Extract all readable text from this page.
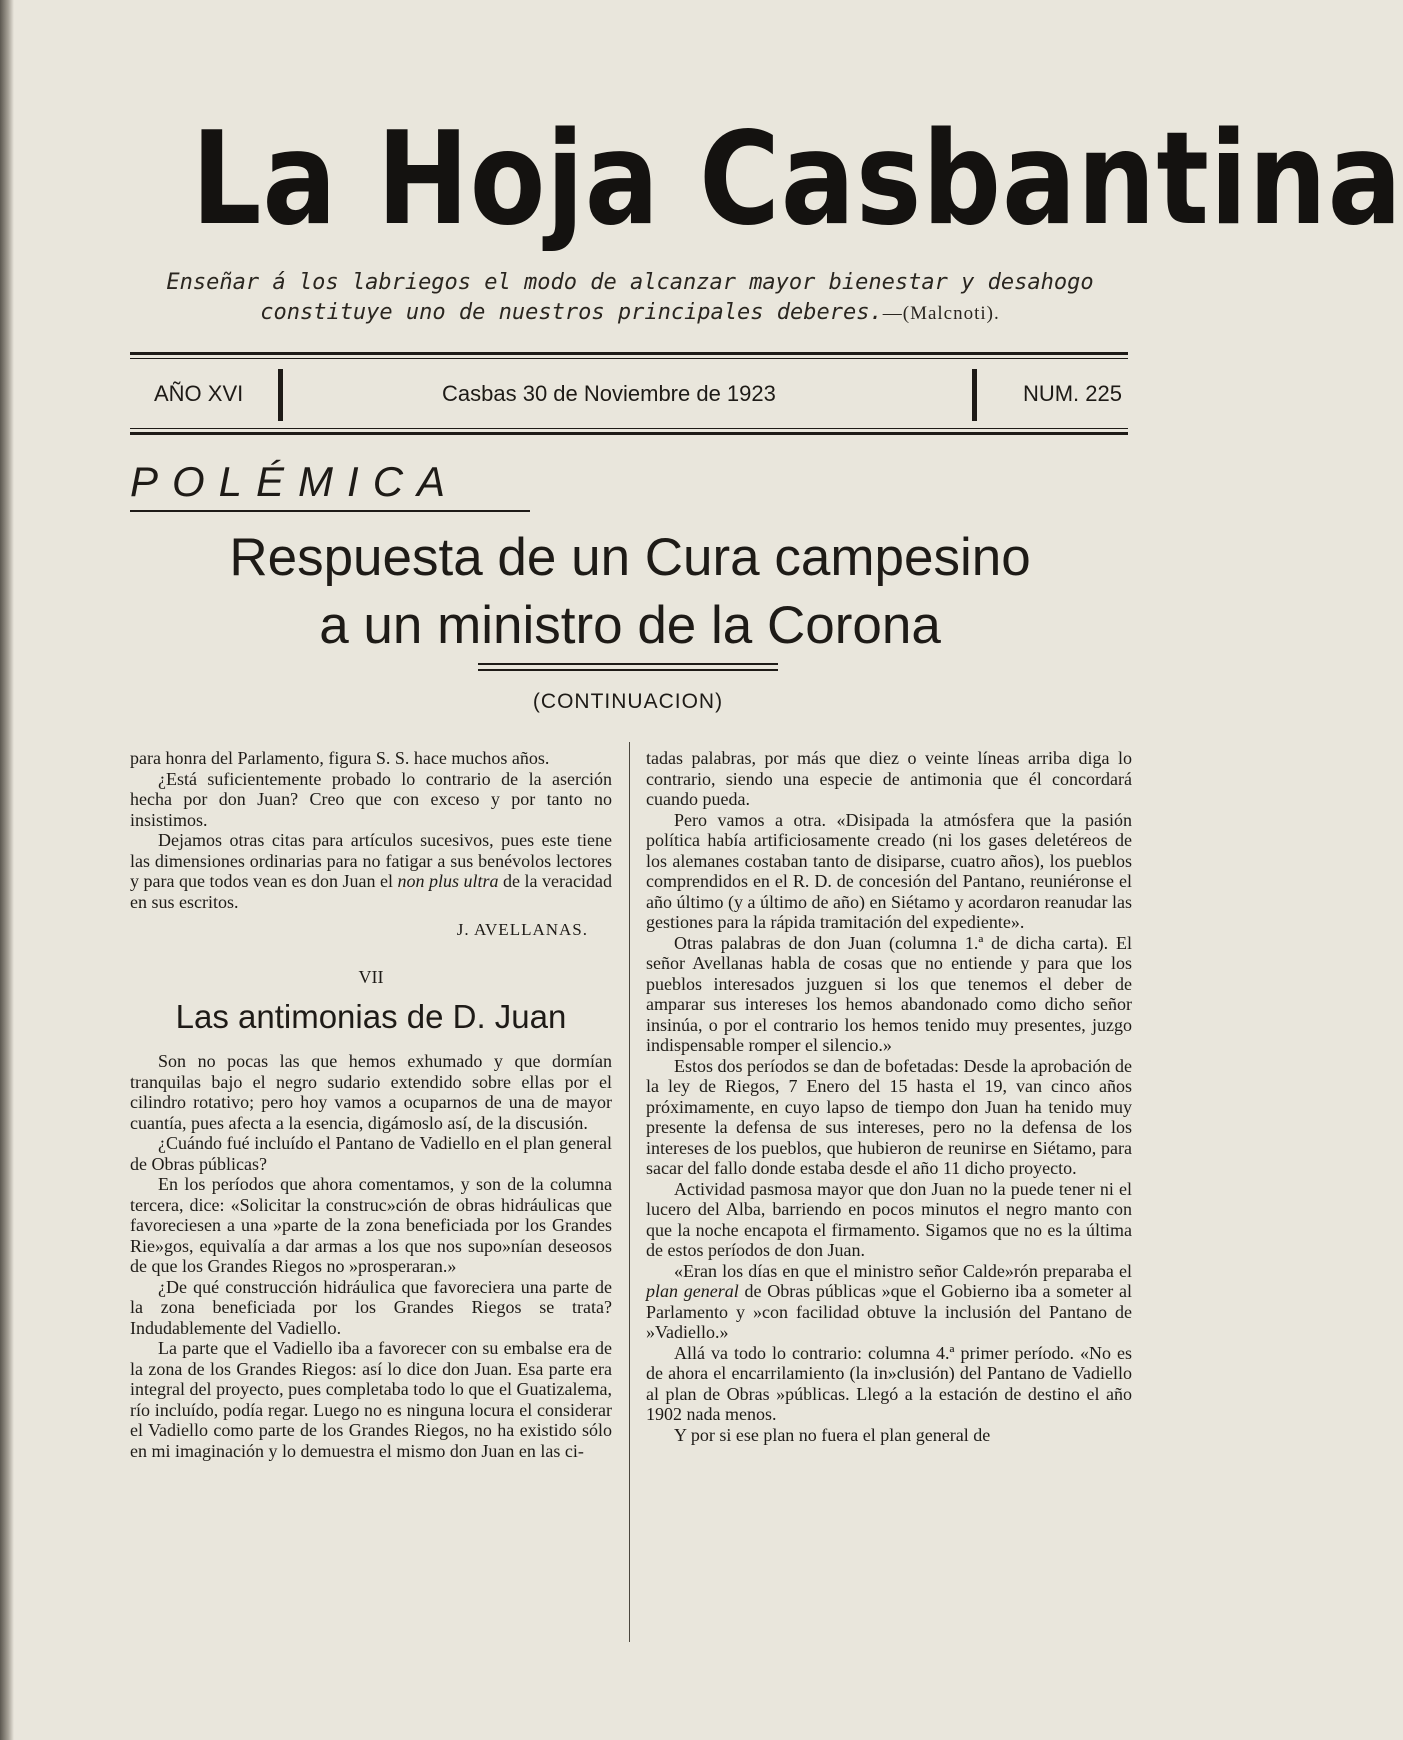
La Hoja Casbantina
Enseñar á los labriegos el modo de alcanzar mayor bienestar y desahogo constituye uno de nuestros principales deberes.—(Malcnoti).
AÑO XVI	Casbas 30 de Noviembre de 1923	NUM. 225
POLÉMICA
Respuesta de un Cura campesino
a un ministro de la Corona
(CONTINUACION)

para honra del Parlamento, figura S. S. hace muchos años.

¿Está suficientemente probado lo contrario de la aserción hecha por don Juan? Creo que con exceso y por tanto no insistimos.

Dejamos otras citas para artículos sucesivos, pues este tiene las dimensiones ordinarias para no fatigar a sus benévolos lectores y para que todos vean es don Juan el non plus ultra de la veracidad en sus escritos.

J. AVELLANAS.
VII
Las antimonias de D. Juan

Son no pocas las que hemos exhumado y que dormían tranquilas bajo el negro sudario extendido sobre ellas por el cilindro rotativo; pero hoy vamos a ocuparnos de una de mayor cuantía, pues afecta a la esencia, digámoslo así, de la discusión.

¿Cuándo fué incluído el Pantano de Vadiello en el plan general de Obras públicas?

En los períodos que ahora comentamos, y son de la columna tercera, dice: «Solicitar la construc»ción de obras hidráulicas que favoreciesen a una »parte de la zona beneficiada por los Grandes Rie»gos, equivalía a dar armas a los que nos supo»nían deseosos de que los Grandes Riegos no »prosperaran.»

¿De qué construcción hidráulica que favoreciera una parte de la zona beneficiada por los Grandes Riegos se trata? Indudablemente del Vadiello.

La parte que el Vadiello iba a favorecer con su embalse era de la zona de los Grandes Riegos: así lo dice don Juan. Esa parte era integral del proyecto, pues completaba todo lo que el Guatizalema, río incluído, podía regar. Luego no es ninguna locura el considerar el Vadiello como parte de los Grandes Riegos, no ha existido sólo en mi imaginación y lo demuestra el mismo don Juan en las ci-

tadas palabras, por más que diez o veinte líneas arriba diga lo contrario, siendo una especie de antimonia que él concordará cuando pueda.

Pero vamos a otra. «Disipada la atmósfera que la pasión política había artificiosamente creado (ni los gases deletéreos de los alemanes costaban tanto de disiparse, cuatro años), los pueblos comprendidos en el R. D. de concesión del Pantano, reuniéronse el año último (y a último de año) en Siétamo y acordaron reanudar las gestiones para la rápida tramitación del expediente».

Otras palabras de don Juan (columna 1.ª de dicha carta). El señor Avellanas habla de cosas que no entiende y para que los pueblos interesados juzguen si los que tenemos el deber de amparar sus intereses los hemos abandonado como dicho señor insinúa, o por el contrario los hemos tenido muy presentes, juzgo indispensable romper el silencio.»

Estos dos períodos se dan de bofetadas: Desde la aprobación de la ley de Riegos, 7 Enero del 15 hasta el 19, van cinco años próximamente, en cuyo lapso de tiempo don Juan ha tenido muy presente la defensa de sus intereses, pero no la defensa de los intereses de los pueblos, que hubieron de reunirse en Siétamo, para sacar del fallo donde estaba desde el año 11 dicho proyecto.

Actividad pasmosa mayor que don Juan no la puede tener ni el lucero del Alba, barriendo en pocos minutos el negro manto con que la noche encapota el firmamento. Sigamos que no es la última de estos períodos de don Juan.

«Eran los días en que el ministro señor Calde»rón preparaba el plan general de Obras públicas »que el Gobierno iba a someter al Parlamento y »con facilidad obtuve la inclusión del Pantano de »Vadiello.»

Allá va todo lo contrario: columna 4.ª primer período. «No es de ahora el encarrilamiento (la in»clusión) del Pantano de Vadiello al plan de Obras »públicas. Llegó a la estación de destino el año 1902 nada menos.

Y por si ese plan no fuera el plan general de
